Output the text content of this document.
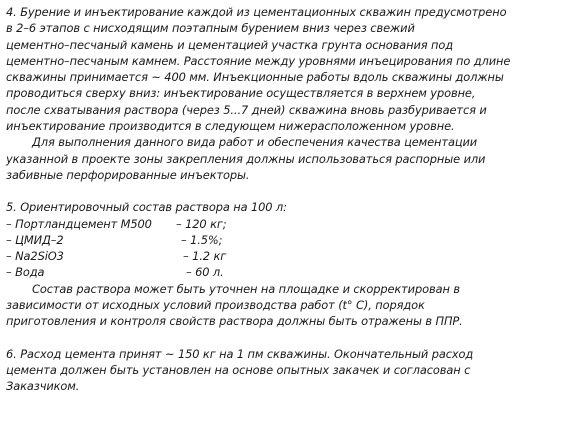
4. Бурение и инъектирование каждой из цементационных скважин предусмотрено
в 2–6 этапов с нисходящим поэтапным бурением вниз через свежий
цементно–песчаный камень и цементацией участка грунта основания под
цементно–песчаным камнем. Расстояние между уровнями инъецирования по длине
скважины принимается ~ 400 мм. Инъекционные работы вдоль скважины должны
проводиться сверху вниз: инъектирование осуществляется в верхнем уровне,
после схватывания раствора (через 5...7 дней) скважина вновь разбуривается и
инъектирование производится в следующем нижерасположенном уровне.
Для выполнения данного вида работ и обеспечения качества цементации
указанной в проекте зоны закрепления должны использоваться распорные или
забивные перфорированные инъекторы.
5. Ориентировочный состав раствора на 100 л:
– Портландцемент М500 – 120 кг;
– ЦМИД–2	– 1.5%;
– Na2SiO3	– 1.2 кг
– Вода	– 60 л.
Состав раствора может быть уточнен на площадке и скорректирован в
зависимости от исходных условий производства работ (t° C), порядок
приготовления и контроля свойств раствора должны быть отражены в ППР.
6. Расход цемента принят ~ 150 кг на 1 пм скважины. Окончательный расход
цемента должен быть установлен на основе опытных закачек и согласован с
Заказчиком.
